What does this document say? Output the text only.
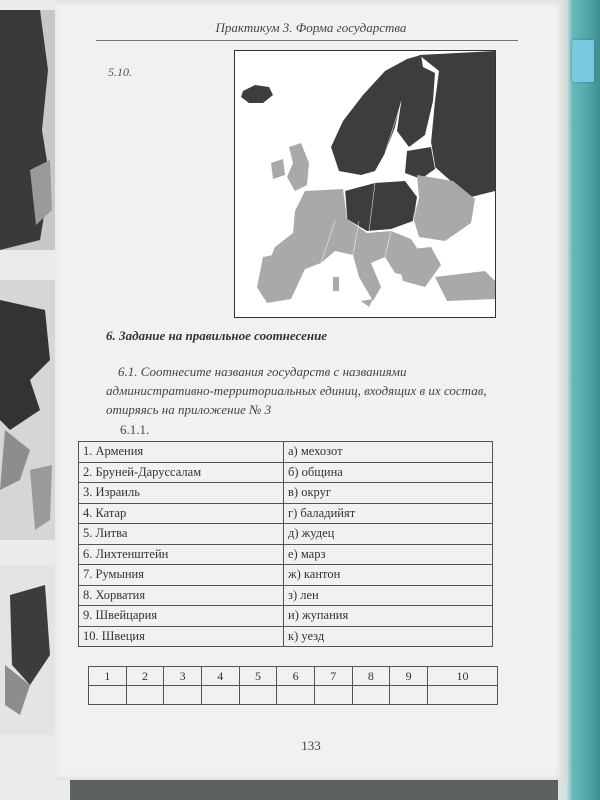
Практикум 3. Форма государства
5.10.
6. Задание на правильное соотнесение
6.1. Соотнесите названия государств с названиями административно-территориальных единиц, входящих в их состав, отиряясь на приложение № 3
6.1.1.
1. Армения	а) мехозот
2. Бруней-Даруссалам	б) община
3. Израиль	в) округ
4. Катар	г) баладийят
5. Литва	д) жудец
6. Лихтенштейн	е) марз
7. Румыния	ж) кантон
8. Хорватия	з) лен
9. Швейцария	и) жупания
10. Швеция	к) уезд
1	2	3	4	5	6	7	8	9	10

133
